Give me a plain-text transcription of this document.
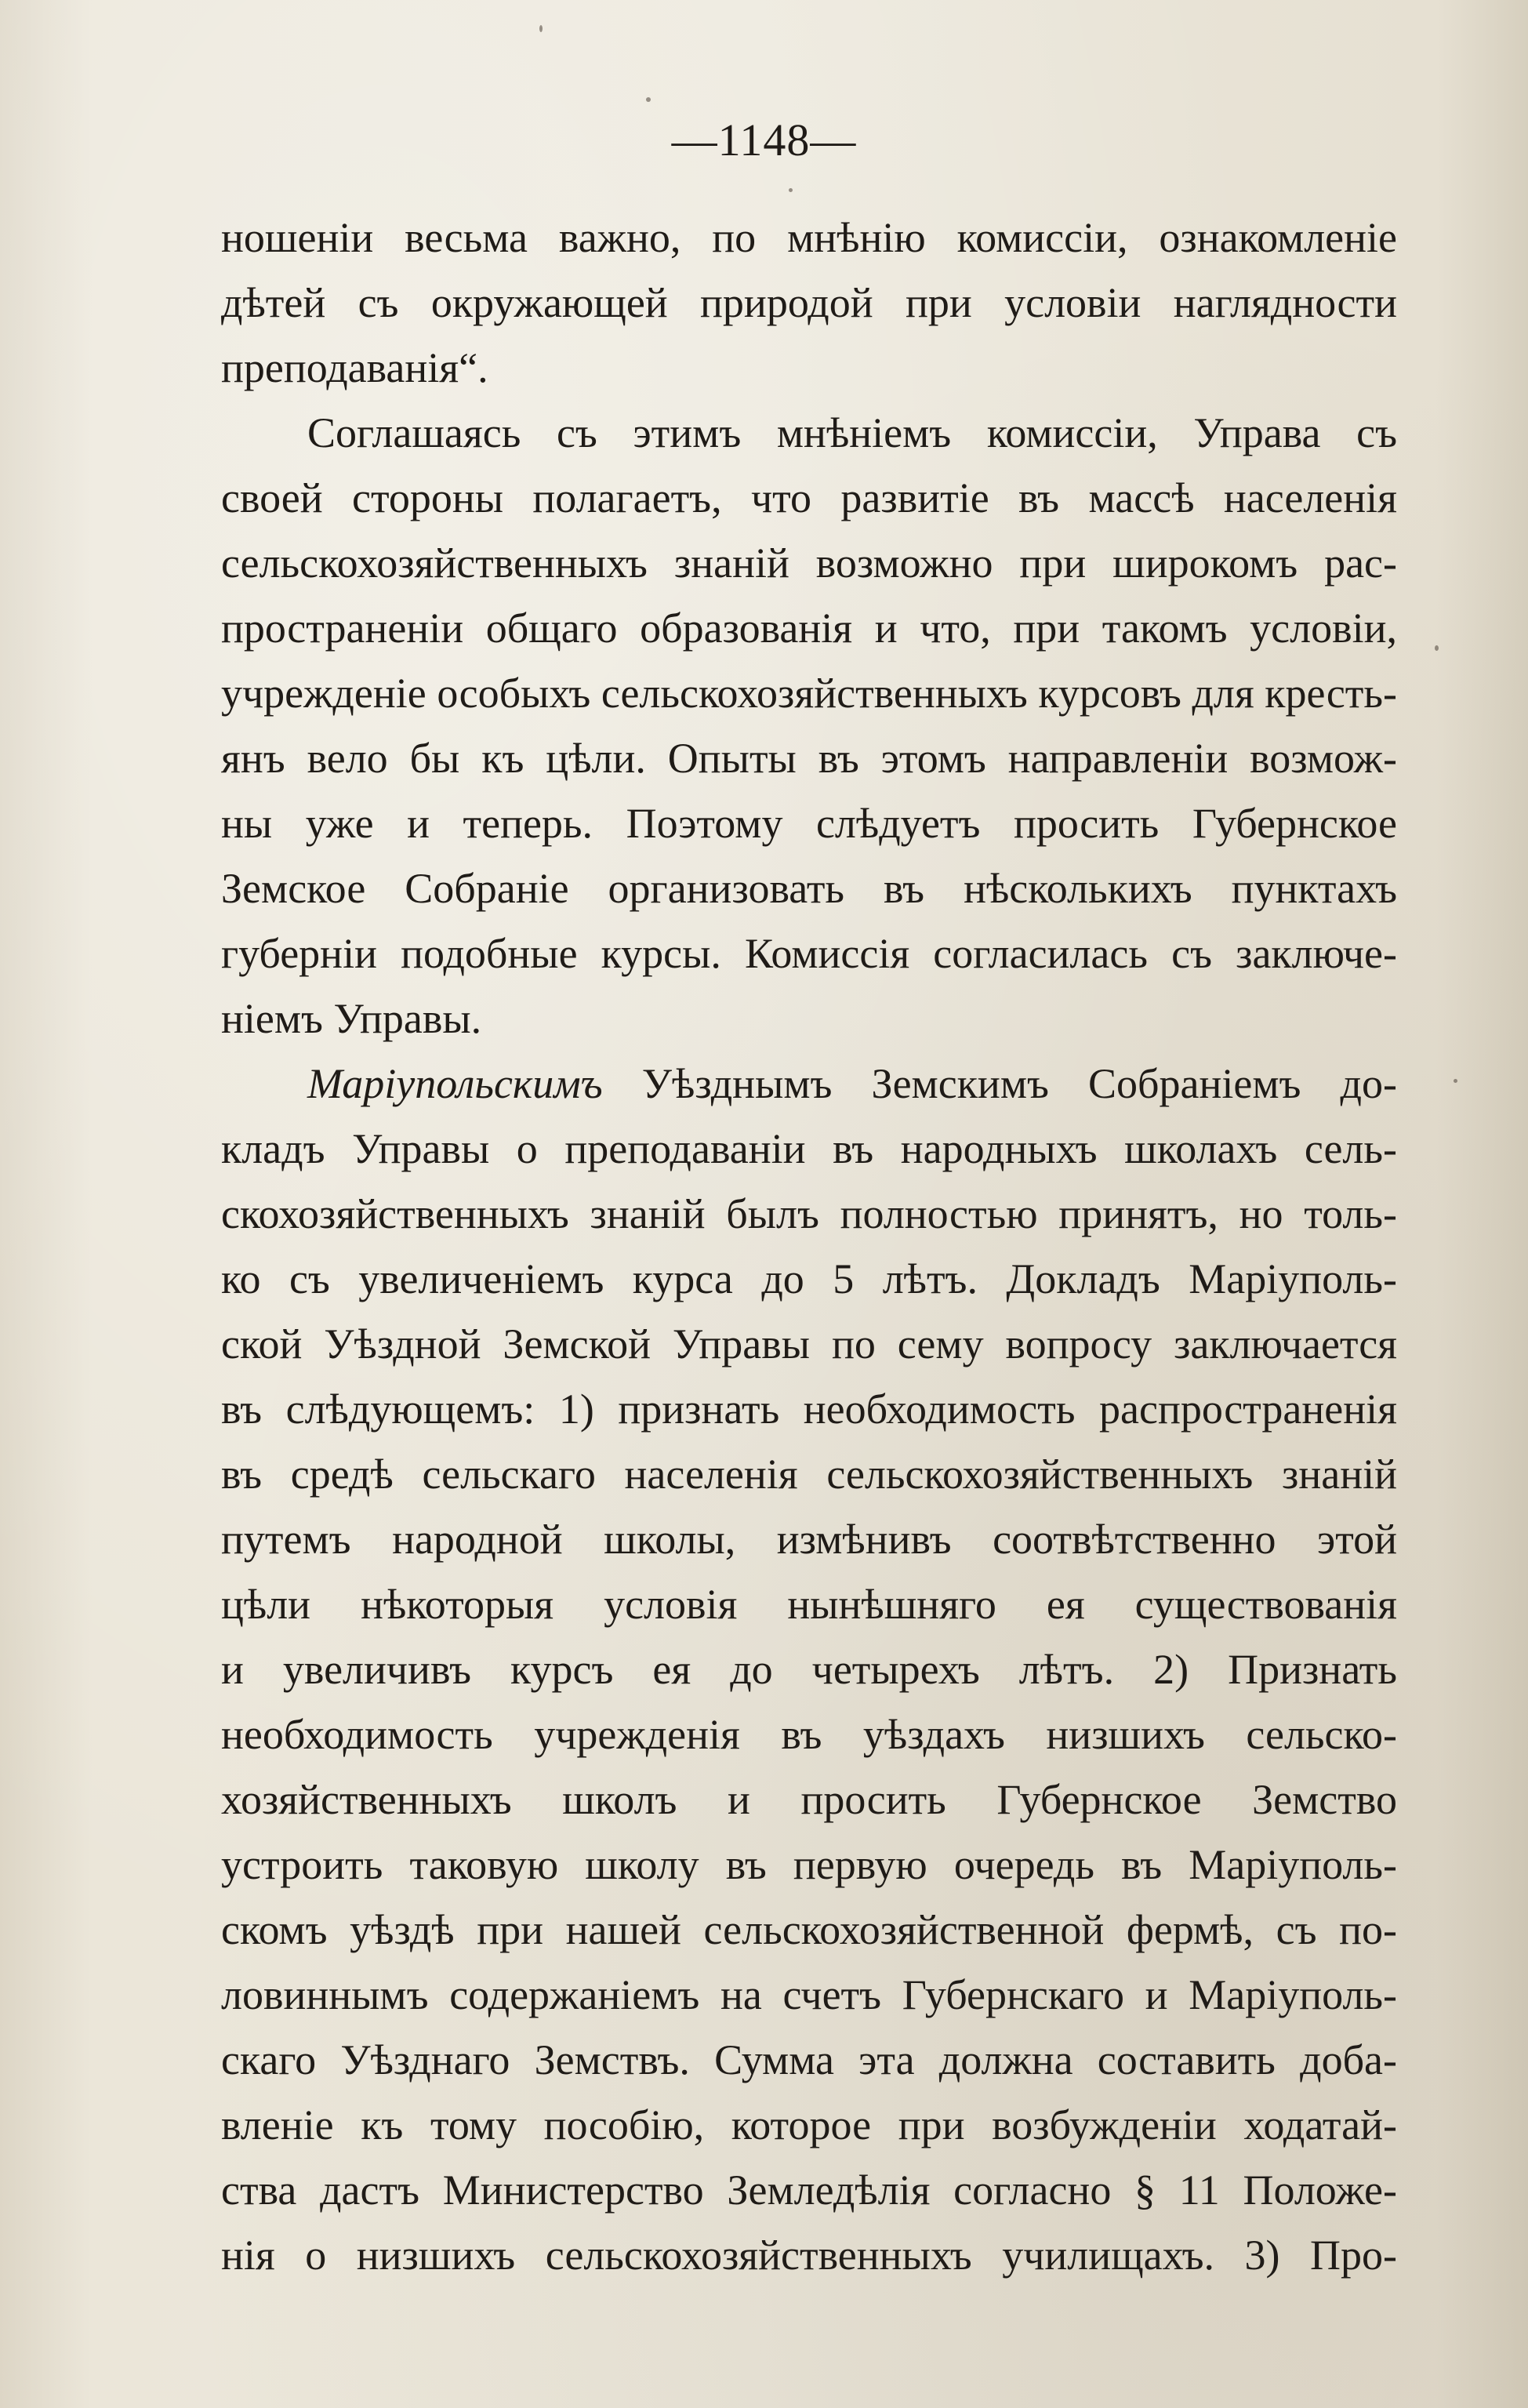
—1148—
ношеніи весьма важно, по мнѣнію комиссіи, ознакомленіе
дѣтей съ окружающей природой при условіи наглядности
преподаванія“.
Соглашаясь съ этимъ мнѣніемъ комиссіи, Управа съ
своей стороны полагаетъ, что развитіе въ массѣ населенія
сельскохозяйственныхъ знаній возможно при широкомъ рас-
пространеніи общаго образованія и что, при такомъ условіи,
учрежденіе особыхъ сельскохозяйственныхъ курсовъ для кресть-
янъ вело бы къ цѣли. Опыты въ этомъ направленіи возмож-
ны уже и теперь. Поэтому слѣдуетъ просить Губернское
Земское Собраніе организовать въ нѣсколькихъ пунктахъ
губерніи подобные курсы. Комиссія согласилась съ заключе-
ніемъ Управы.
Маріупольскимъ Уѣзднымъ Земскимъ Собраніемъ до-
кладъ Управы о преподаваніи въ народныхъ школахъ сель-
скохозяйственныхъ знаній былъ полностью принятъ, но толь-
ко съ увеличеніемъ курса до 5 лѣтъ. Докладъ Маріуполь-
ской Уѣздной Земской Управы по сему вопросу заключается
въ слѣдующемъ: 1) признать необходимость распространенія
въ средѣ сельскаго населенія сельскохозяйственныхъ знаній
путемъ народной школы, измѣнивъ соотвѣтственно этой
цѣли нѣкоторыя условія нынѣшняго ея существованія
и увеличивъ курсъ ея до четырехъ лѣтъ. 2) Признать
необходимость учрежденія въ уѣздахъ низшихъ сельско-
хозяйственныхъ школъ и просить Губернское Земство
устроить таковую школу въ первую очередь въ Маріуполь-
скомъ уѣздѣ при нашей сельскохозяйственной фермѣ, съ по-
ловиннымъ содержаніемъ на счетъ Губернскаго и Маріуполь-
скаго Уѣзднаго Земствъ. Сумма эта должна составить доба-
вленіе къ тому пособію, которое при возбужденіи ходатай-
ства дастъ Министерство Земледѣлія согласно § 11 Положе-
нія о низшихъ сельскохозяйственныхъ училищахъ. 3) Про-
